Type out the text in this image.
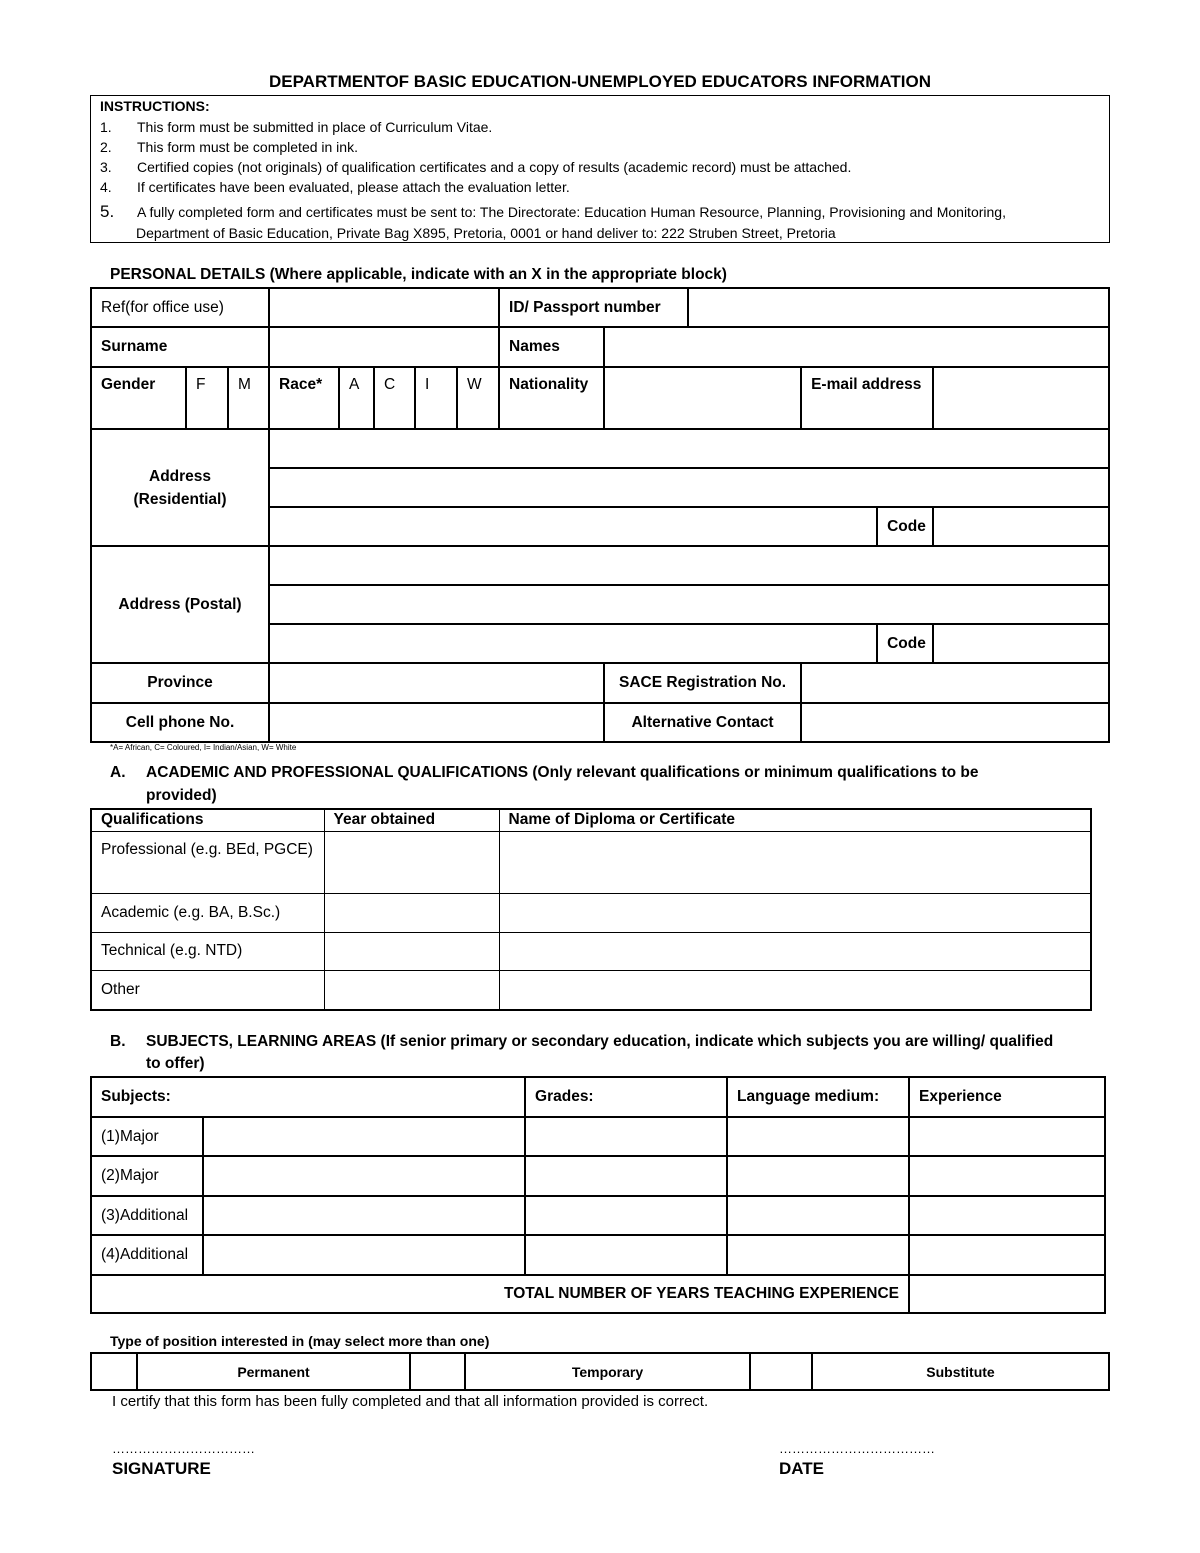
DEPARTMENTOF BASIC EDUCATION-UNEMPLOYED EDUCATORS INFORMATION
INSTRUCTIONS:
1. This form must be submitted in place of Curriculum Vitae.
2. This form must be completed in ink.
3. Certified copies (not originals) of qualification certificates and a copy of results (academic record) must be attached.
4. If certificates have been evaluated, please attach the evaluation letter.
5. A fully completed form and certificates must be sent to: The Directorate: Education Human Resource, Planning, Provisioning and Monitoring,
Department of Basic Education, Private Bag X895, Pretoria, 0001 or hand deliver to: 222 Struben Street, Pretoria
PERSONAL DETAILS (Where applicable, indicate with an X in the appropriate block)
Ref(for office use)								ID/ Passport number					
Surname								Names					
Gender	F	M	Race*	A	C	I	W	Nationality			E-mail address		
Address (Residential)													

												Code	
Address (Postal)													

												Code	
Province									SACE Registration No.				
Cell phone No.									Alternative Contact				
*A= African, C= Coloured, I= Indian/Asian, W= White
A. ACADEMIC AND PROFESSIONAL QUALIFICATIONS (Only relevant qualifications or minimum qualifications to be
provided)
Qualifications	Year obtained	Name of Diploma or Certificate
Professional (e.g. BEd, PGCE)		
Academic (e.g. BA, B.Sc.)		
Technical (e.g. NTD)		
Other		
B. SUBJECTS, LEARNING AREAS (If senior primary or secondary education, indicate which subjects you are willing/ qualified
to offer)
Subjects:		Grades:	Language medium:	Experience
(1)Major				
(2)Major				
(3)Additional				
(4)Additional				
TOTAL NUMBER OF YEARS TEACHING EXPERIENCE				
Type of position interested in (may select more than one)
	Permanent		Temporary		Substitute
I certify that this form has been fully completed and that all information provided is correct.
……………………………
SIGNATURE
………………………………
DATE
